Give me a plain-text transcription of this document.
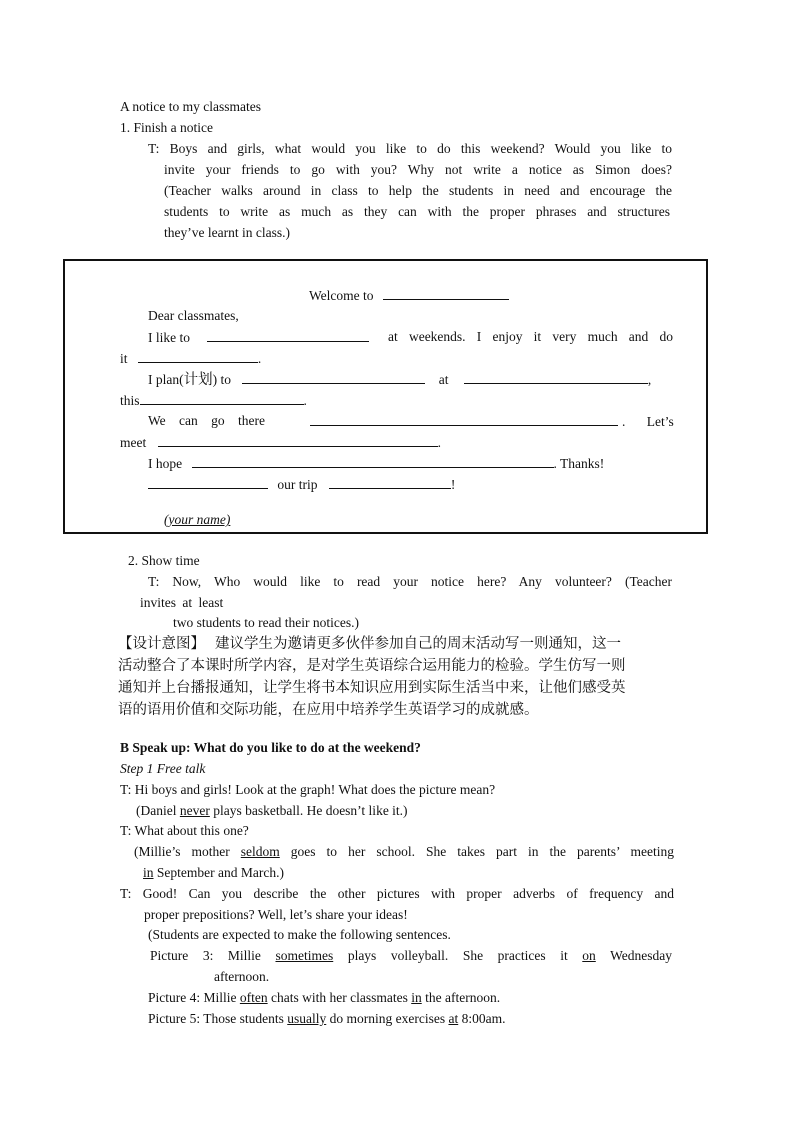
A notice to my classmates
1. Finish a notice
T: Boys and girls, what would you like to do this weekend? Would you like to
invite your friends to go with you? Why not write a notice as Simon does?
(Teacher walks around in class to help the students in need and encourage the
students to write as much as they can with the proper phrases and structures
they’ve learnt in class.)
Welcome to
Dear classmates,
I like to	at weekends. I enjoy it very much and do
it	.
I plan(计划) to	at	,
this	.
We can go there	. Let’s
meet	.
I hope	. Thanks!
our trip	!
(your name)
2. Show time
T: Now, Who would like to read your notice here? Any volunteer? (Teacher
invites at least
two students to read their notices.)
【设计意图】 建议学生为邀请更多伙伴参加自己的周末活动写一则通知，这一
活动整合了本课时所学内容，是对学生英语综合运用能力的检验。学生仿写一则
通知并上台播报通知，让学生将书本知识应用到实际生活当中来，让他们感受英
语的语用价值和交际功能，在应用中培养学生英语学习的成就感。
B Speak up: What do you like to do at the weekend?
Step 1 Free talk
T: Hi boys and girls! Look at the graph! What does the picture mean?
(Daniel never plays basketball. He doesn’t like it.)
T: What about this one?
(Millie’s mother seldom goes to her school. She takes part in the parents’ meeting
in September and March.)
T: Good! Can you describe the other pictures with proper adverbs of frequency and
proper prepositions? Well, let’s share your ideas!
(Students are expected to make the following sentences.
Picture 3: Millie sometimes plays volleyball. She practices it on Wednesday
afternoon.
Picture 4: Millie often chats with her classmates in the afternoon.
Picture 5: Those students usually do morning exercises at 8:00am.
